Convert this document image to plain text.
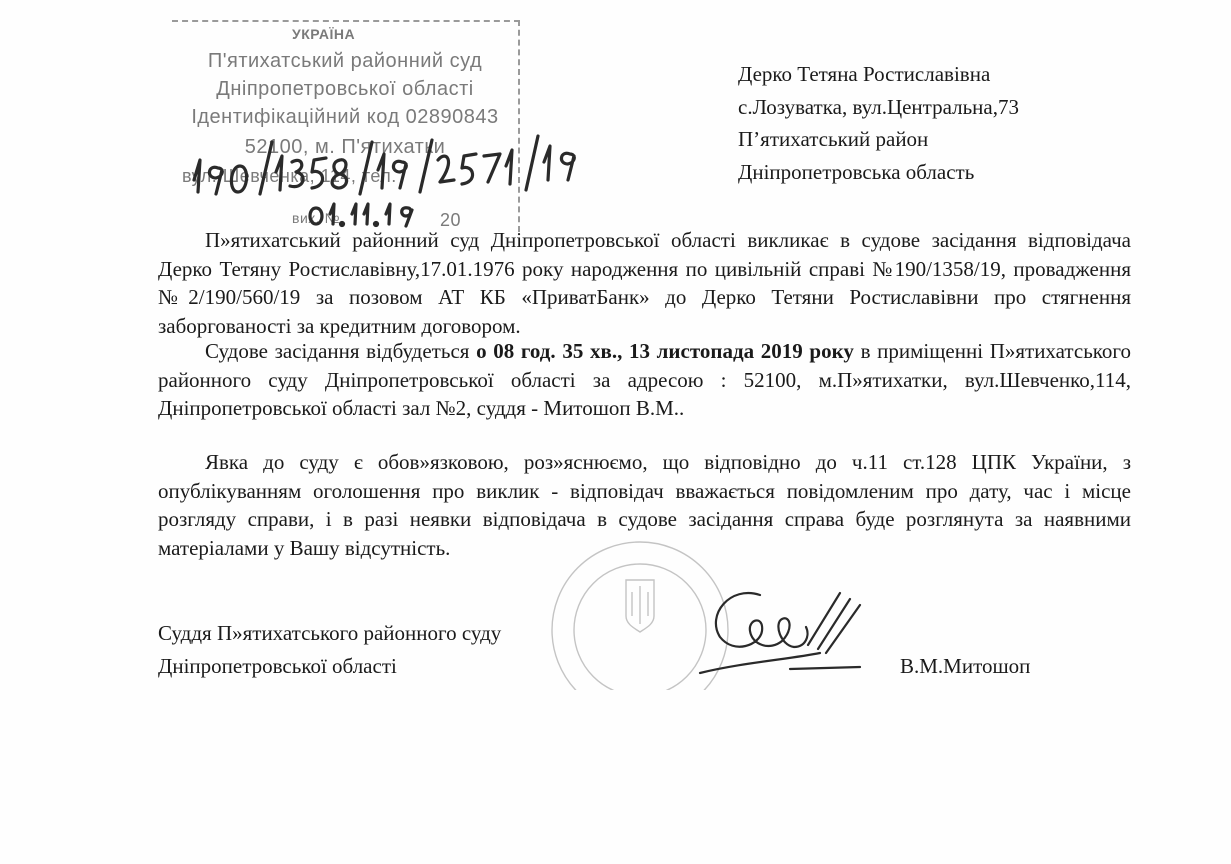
УКРАЇНА
П'ятихатський районний суд
Дніпропетровської області
Ідентифікаційний код 02890843
52100, м. П'ятихатки
вул. Шевченка, 114, тел.
вих. №	20
Дерко Тетяна Ростиславівна
с.Лозуватка, вул.Центральна,73
П’ятихатський район
Дніпропетровська область
П»ятихатський районний суд Дніпропетровської області викликає в судове засідання відповідача Дерко Тетяну Ростиславівну,17.01.1976 року народження по цивільній справі №190/1358/19, провадження №2/190/560/19 за позовом АТ КБ «ПриватБанк» до Дерко Тетяни Ростиславівни про стягнення заборгованості за кредитним договором.
Судове засідання відбудеться о 08 год. 35 хв., 13 листопада 2019 року в приміщенні П»ятихатського районного суду Дніпропетровської області за адресою : 52100, м.П»ятихатки, вул.Шевченко,114, Дніпропетровської області зал №2, суддя - Митошоп В.М..
Явка до суду є обов»язковою, роз»яснюємо, що відповідно до ч.11 ст.128 ЦПК України, з опублікуванням оголошення про виклик - відповідач вважається повідомленим про дату, час і місце розгляду справи, і в разі неявки відповідача в судове засідання справа буде розглянута за наявними матеріалами у Вашу відсутність.
Суддя П»ятихатського районного суду
Дніпропетровської області	В.М.Митошоп
